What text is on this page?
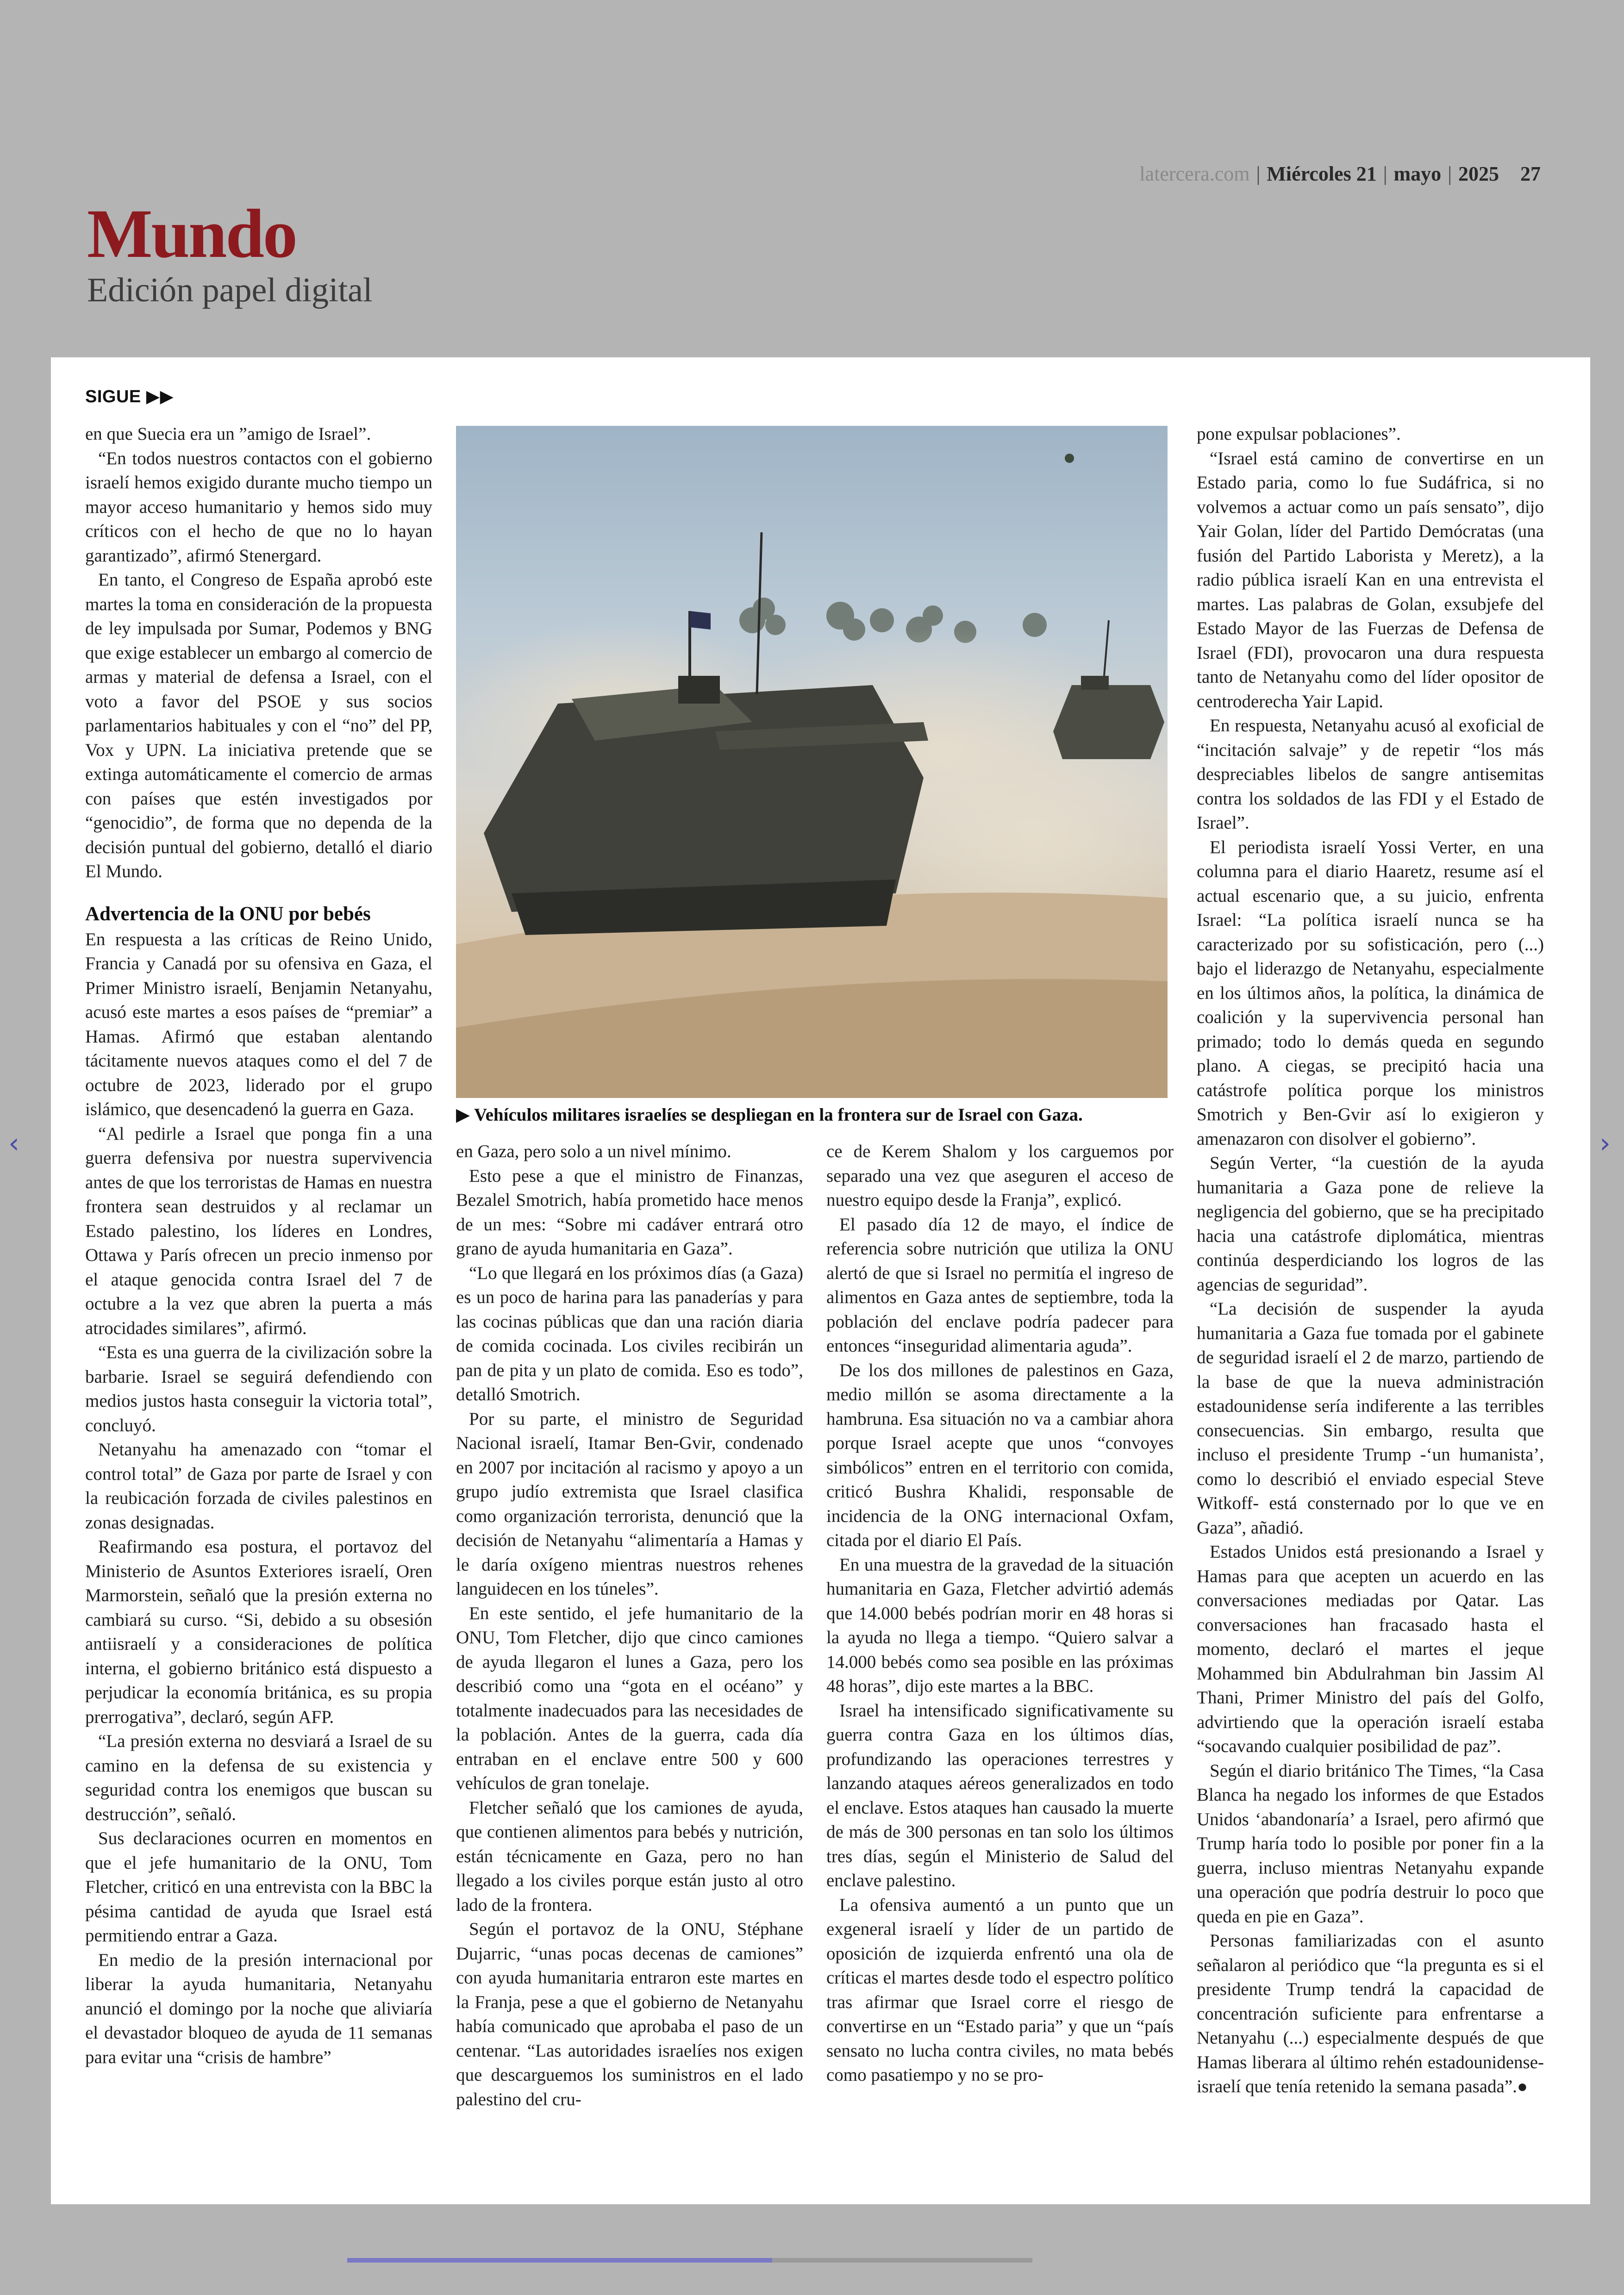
latercera.com | Miércoles 21 | mayo | 2025 27
Mundo
Edición papel digital
SIGUE ▶▶

en que Suecia era un ”amigo de Israel”.

“En todos nuestros contactos con el gobierno israelí hemos exigido durante mucho tiempo un mayor acceso humanitario y hemos sido muy críticos con el hecho de que no lo hayan garantizado”, afirmó Stenergard.

En tanto, el Congreso de España aprobó este martes la toma en consideración de la propuesta de ley impulsada por Sumar, Podemos y BNG que exige establecer un embargo al comercio de armas y material de defensa a Israel, con el voto a favor del PSOE y sus socios parlamentarios habituales y con el “no” del PP, Vox y UPN. La iniciativa pretende que se extinga automáticamente el comercio de armas con países que estén investigados por “genocidio”, de forma que no dependa de la decisión puntual del gobierno, detalló el diario El Mundo.

Advertencia de la ONU por bebés

En respuesta a las críticas de Reino Unido, Francia y Canadá por su ofensiva en Gaza, el Primer Ministro israelí, Benjamin Netanyahu, acusó este martes a esos países de “premiar” a Hamas. Afirmó que estaban alentando tácitamente nuevos ataques como el del 7 de octubre de 2023, liderado por el grupo islámico, que desencadenó la guerra en Gaza.

“Al pedirle a Israel que ponga fin a una guerra defensiva por nuestra supervivencia antes de que los terroristas de Hamas en nuestra frontera sean destruidos y al reclamar un Estado palestino, los líderes en Londres, Ottawa y París ofrecen un precio inmenso por el ataque genocida contra Israel del 7 de octubre a la vez que abren la puerta a más atrocidades similares”, afirmó.

“Esta es una guerra de la civilización sobre la barbarie. Israel se seguirá defendiendo con medios justos hasta conseguir la victoria total”, concluyó.

Netanyahu ha amenazado con “tomar el control total” de Gaza por parte de Israel y con la reubicación forzada de civiles palestinos en zonas designadas.

Reafirmando esa postura, el portavoz del Ministerio de Asuntos Exteriores israelí, Oren Marmorstein, señaló que la presión externa no cambiará su curso. “Si, debido a su obsesión antiisraelí y a consideraciones de política interna, el gobierno británico está dispuesto a perjudicar la economía británica, es su propia prerrogativa”, declaró, según AFP.

“La presión externa no desviará a Israel de su camino en la defensa de su existencia y seguridad contra los enemigos que buscan su destrucción”, señaló.

Sus declaraciones ocurren en momentos en que el jefe humanitario de la ONU, Tom Fletcher, criticó en una entrevista con la BBC la pésima cantidad de ayuda que Israel está permitiendo entrar a Gaza.

En medio de la presión internacional por liberar la ayuda humanitaria, Netanyahu anunció el domingo por la noche que aliviaría el devastador bloqueo de ayuda de 11 semanas para evitar una “crisis de hambre”

▶ Vehículos militares israelíes se despliegan en la frontera sur de Israel con Gaza.

en Gaza, pero solo a un nivel mínimo.

Esto pese a que el ministro de Finanzas, Bezalel Smotrich, había prometido hace menos de un mes: “Sobre mi cadáver entrará otro grano de ayuda humanitaria en Gaza”.

“Lo que llegará en los próximos días (a Gaza) es un poco de harina para las panaderías y para las cocinas públicas que dan una ración diaria de comida cocinada. Los civiles recibirán un pan de pita y un plato de comida. Eso es todo”, detalló Smotrich.

Por su parte, el ministro de Seguridad Nacional israelí, Itamar Ben-Gvir, condenado en 2007 por incitación al racismo y apoyo a un grupo judío extremista que Israel clasifica como organización terrorista, denunció que la decisión de Netanyahu “alimentaría a Hamas y le daría oxígeno mientras nuestros rehenes languidecen en los túneles”.

En este sentido, el jefe humanitario de la ONU, Tom Fletcher, dijo que cinco camiones de ayuda llegaron el lunes a Gaza, pero los describió como una “gota en el océano” y totalmente inadecuados para las necesidades de la población. Antes de la guerra, cada día entraban en el enclave entre 500 y 600 vehículos de gran tonelaje.

Fletcher señaló que los camiones de ayuda, que contienen alimentos para bebés y nutrición, están técnicamente en Gaza, pero no han llegado a los civiles porque están justo al otro lado de la frontera.

Según el portavoz de la ONU, Stéphane Dujarric, “unas pocas decenas de camiones” con ayuda humanitaria entraron este martes en la Franja, pese a que el gobierno de Netanyahu había comunicado que aprobaba el paso de un centenar. “Las autoridades israelíes nos exigen que descarguemos los suministros en el lado palestino del cru-

ce de Kerem Shalom y los carguemos por separado una vez que aseguren el acceso de nuestro equipo desde la Franja”, explicó.

El pasado día 12 de mayo, el índice de referencia sobre nutrición que utiliza la ONU alertó de que si Israel no permitía el ingreso de alimentos en Gaza antes de septiembre, toda la población del enclave podría padecer para entonces “inseguridad alimentaria aguda”.

De los dos millones de palestinos en Gaza, medio millón se asoma directamente a la hambruna. Esa situación no va a cambiar ahora porque Israel acepte que unos “convoyes simbólicos” entren en el territorio con comida, criticó Bushra Khalidi, responsable de incidencia de la ONG internacional Oxfam, citada por el diario El País.

En una muestra de la gravedad de la situación humanitaria en Gaza, Fletcher advirtió además que 14.000 bebés podrían morir en 48 horas si la ayuda no llega a tiempo. “Quiero salvar a 14.000 bebés como sea posible en las próximas 48 horas”, dijo este martes a la BBC.

Israel ha intensificado significativamente su guerra contra Gaza en los últimos días, profundizando las operaciones terrestres y lanzando ataques aéreos generalizados en todo el enclave. Estos ataques han causado la muerte de más de 300 personas en tan solo los últimos tres días, según el Ministerio de Salud del enclave palestino.

La ofensiva aumentó a un punto que un exgeneral israelí y líder de un partido de oposición de izquierda enfrentó una ola de críticas el martes desde todo el espectro político tras afirmar que Israel corre el riesgo de convertirse en un “Estado paria” y que un “país sensato no lucha contra civiles, no mata bebés como pasatiempo y no se pro-

pone expulsar poblaciones”.

“Israel está camino de convertirse en un Estado paria, como lo fue Sudáfrica, si no volvemos a actuar como un país sensato”, dijo Yair Golan, líder del Partido Demócratas (una fusión del Partido Laborista y Meretz), a la radio pública israelí Kan en una entrevista el martes. Las palabras de Golan, exsubjefe del Estado Mayor de las Fuerzas de Defensa de Israel (FDI), provocaron una dura respuesta tanto de Netanyahu como del líder opositor de centroderecha Yair Lapid.

En respuesta, Netanyahu acusó al exoficial de “incitación salvaje” y de repetir “los más despreciables libelos de sangre antisemitas contra los soldados de las FDI y el Estado de Israel”.

El periodista israelí Yossi Verter, en una columna para el diario Haaretz, resume así el actual escenario que, a su juicio, enfrenta Israel: “La política israelí nunca se ha caracterizado por su sofisticación, pero (...) bajo el liderazgo de Netanyahu, especialmente en los últimos años, la política, la dinámica de coalición y la supervivencia personal han primado; todo lo demás queda en segundo plano. A ciegas, se precipitó hacia una catástrofe política porque los ministros Smotrich y Ben-Gvir así lo exigieron y amenazaron con disolver el gobierno”.

Según Verter, “la cuestión de la ayuda humanitaria a Gaza pone de relieve la negligencia del gobierno, que se ha precipitado hacia una catástrofe diplomática, mientras continúa desperdiciando los logros de las agencias de seguridad”.

“La decisión de suspender la ayuda humanitaria a Gaza fue tomada por el gabinete de seguridad israelí el 2 de marzo, partiendo de la base de que la nueva administración estadounidense sería indiferente a las terribles consecuencias. Sin embargo, resulta que incluso el presidente Trump -‘un humanista’, como lo describió el enviado especial Steve Witkoff- está consternado por lo que ve en Gaza”, añadió.

Estados Unidos está presionando a Israel y Hamas para que acepten un acuerdo en las conversaciones mediadas por Qatar. Las conversaciones han fracasado hasta el momento, declaró el martes el jeque Mohammed bin Abdulrahman bin Jassim Al Thani, Primer Ministro del país del Golfo, advirtiendo que la operación israelí estaba “socavando cualquier posibilidad de paz”.

Según el diario británico The Times, “la Casa Blanca ha negado los informes de que Estados Unidos ‘abandonaría’ a Israel, pero afirmó que Trump haría todo lo posible por poner fin a la guerra, incluso mientras Netanyahu expande una operación que podría destruir lo poco que queda en pie en Gaza”.

Personas familiarizadas con el asunto señalaron al periódico que “la pregunta es si el presidente Trump tendrá la capacidad de concentración suficiente para enfrentarse a Netanyahu (...) especialmente después de que Hamas liberara al último rehén estadounidense-israelí que tenía retenido la semana pasada”.●

‹	›
